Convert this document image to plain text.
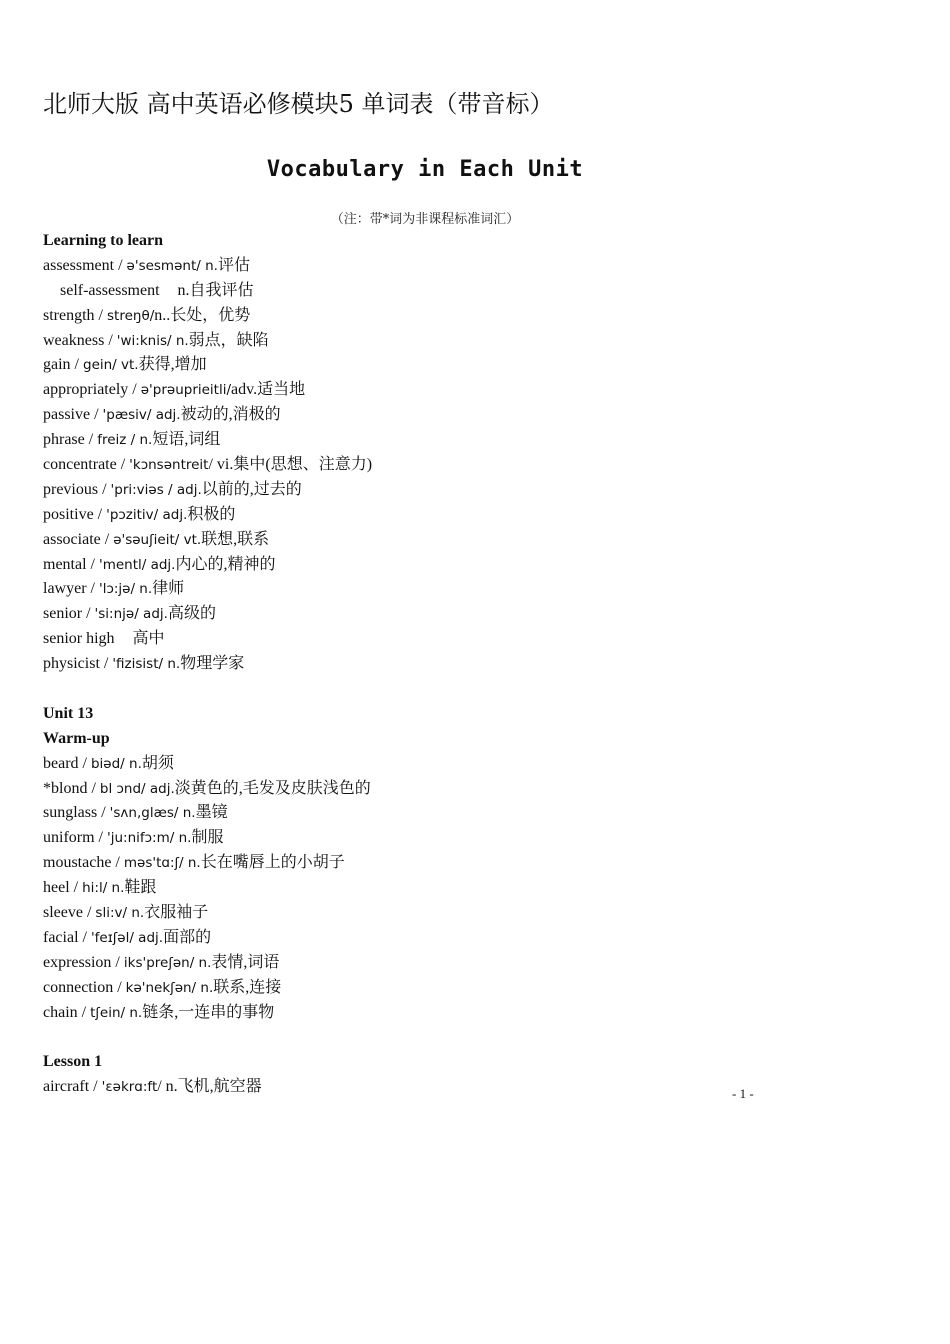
北师大版 高中英语必修模块5 单词表（带音标）
Vocabulary in Each Unit
（注：带*词为非课程标准词汇）
Learning to learn
assessment / ə'sesmənt/ n.评估
self-assessment n.自我评估
strength / streŋθ/n..长处，优势
weakness / 'wi:knis/ n.弱点，缺陷
gain / gein/ vt.获得,增加
appropriately / ə'prəuprieitli/adv.适当地
passive / 'pæsiv/ adj.被动的,消极的
phrase / freiz / n.短语,词组
concentrate / 'kɔnsəntreit/ vi.集中(思想、注意力)
previous / 'pri:viəs / adj.以前的,过去的
positive / 'pɔzitiv/ adj.积极的
associate / ə'səuʃieit/ vt.联想,联系
mental / 'mentl/ adj.内心的,精神的
lawyer / 'lɔ:jə/ n.律师
senior / 'si:njə/ adj.高级的
senior high 高中
physicist / 'fizisist/ n.物理学家
Unit 13
Warm-up
beard / biəd/ n.胡须
*blond / bl ɔnd/ adj.淡黄色的,毛发及皮肤浅色的
sunglass / 'sʌn,glæs/ n.墨镜
uniform / 'ju:nifɔ:m/ n.制服
moustache / məs'tɑ:ʃ/ n.长在嘴唇上的小胡子
heel / hi:l/ n.鞋跟
sleeve / sli:v/ n.衣服袖子
facial / 'feɪʃəl/ adj.面部的
expression / iks'preʃən/ n.表情,词语
connection / kə'nekʃən/ n.联系,连接
chain / tʃein/ n.链条,一连串的事物
Lesson 1
aircraft / 'ɛəkrɑ:ft/ n.飞机,航空器	- 1 -
